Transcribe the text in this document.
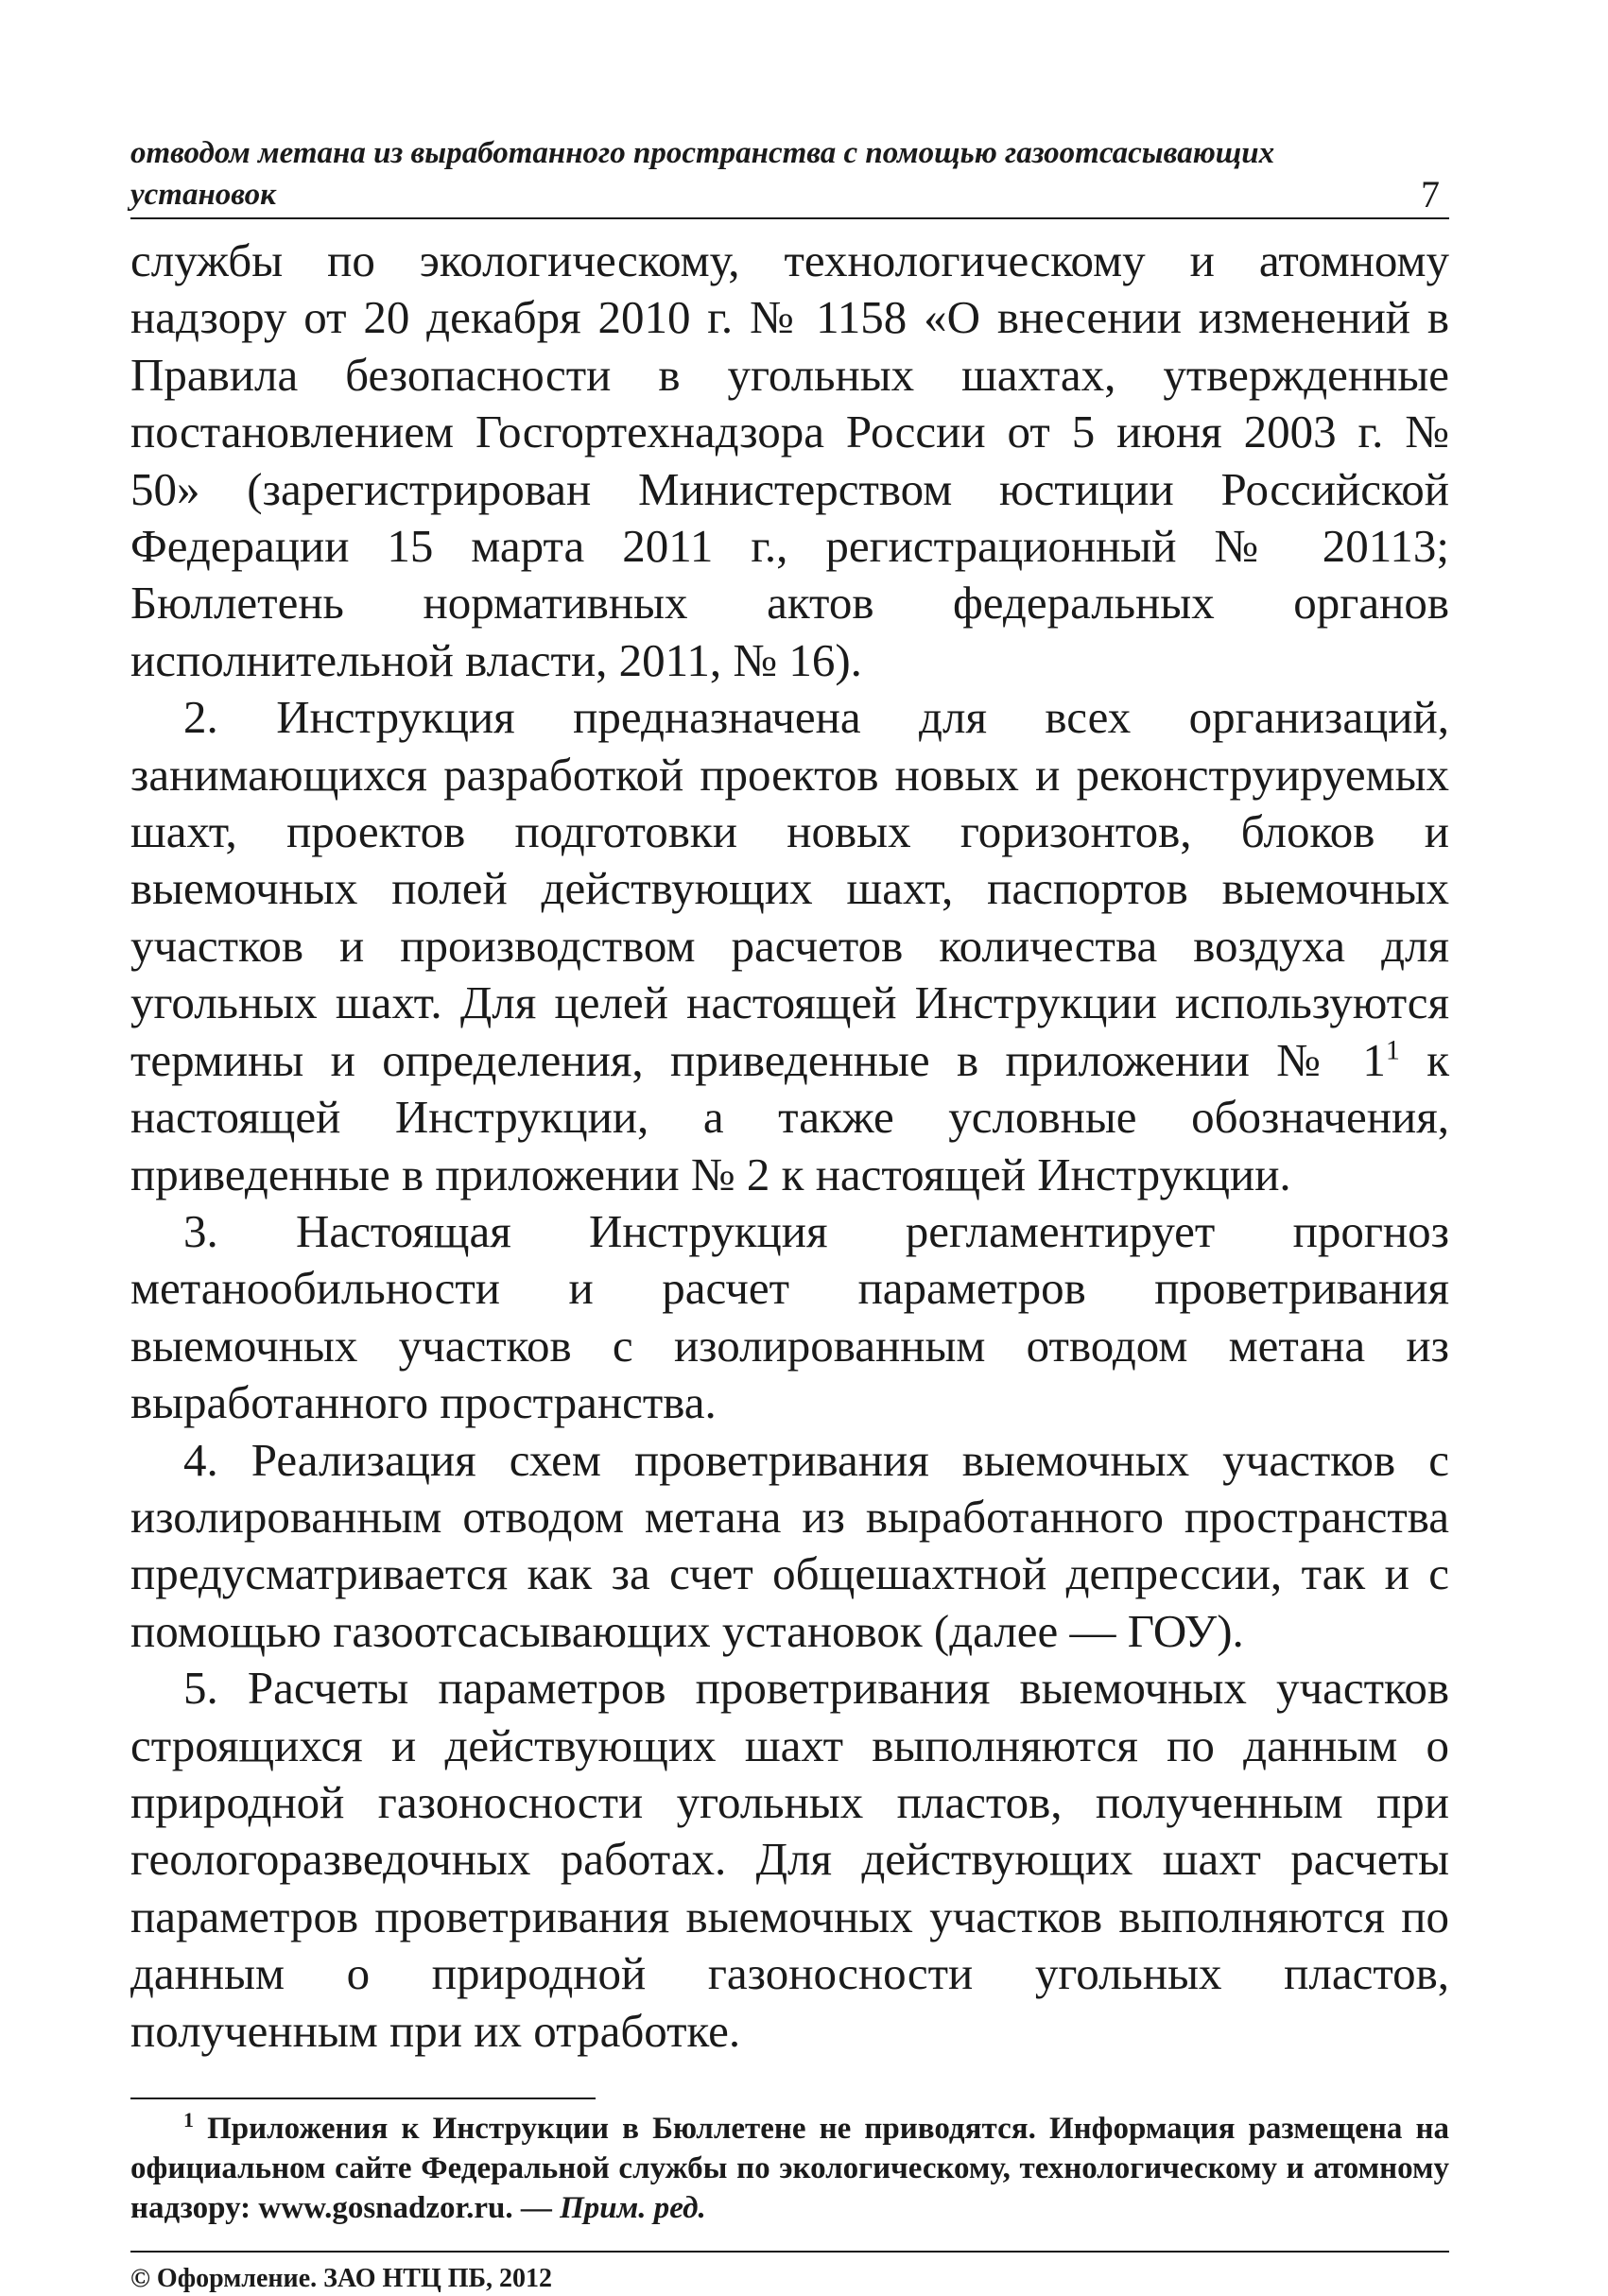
отводом метана из выработанного пространства с помощью газоотсасывающих установок	7

службы по экологическому, технологическому и атомному надзору от 20 декабря 2010 г. № 1158 «О внесении изменений в Правила безопасности в угольных шахтах, утвержденные постановлением Госгортехнадзора России от 5 июня 2003 г. № 50» (зарегистрирован Министерством юстиции Российской Федерации 15 марта 2011 г., регистрационный № 20113; Бюллетень нормативных актов федеральных органов исполнительной власти, 2011, № 16).

2. Инструкция предназначена для всех организаций, занимающихся разработкой проектов новых и реконструируемых шахт, проектов подготовки новых горизонтов, блоков и выемочных полей действующих шахт, паспортов выемочных участков и производством расчетов количества воздуха для угольных шахт. Для целей настоящей Инструкции используются термины и определения, приведенные в приложении № 1$^1$ к настоящей Инструкции, а также условные обозначения, приведенные в приложении № 2 к настоящей Инструкции.

3. Настоящая Инструкция регламентирует прогноз метанообильности и расчет параметров проветривания выемочных участков с изолированным отводом метана из выработанного пространства.

4. Реализация схем проветривания выемочных участков с изолированным отводом метана из выработанного пространства предусматривается как за счет общешахтной депрессии, так и с помощью газоотсасывающих установок (далее — ГОУ).

5. Расчеты параметров проветривания выемочных участков строящихся и действующих шахт выполняются по данным о природной газоносности угольных пластов, полученным при геологоразведочных работах. Для действующих шахт расчеты параметров проветривания выемочных участков выполняются по данным о природной газоносности угольных пластов, полученным при их отработке.

$^1$ Приложения к Инструкции в Бюллетене не приводятся. Информация размещена на официальном сайте Федеральной службы по экологическому, технологическому и атомному надзору: www.gosnadzor.ru. — Прим. ред.
© Оформление. ЗАО НТЦ ПБ, 2012
